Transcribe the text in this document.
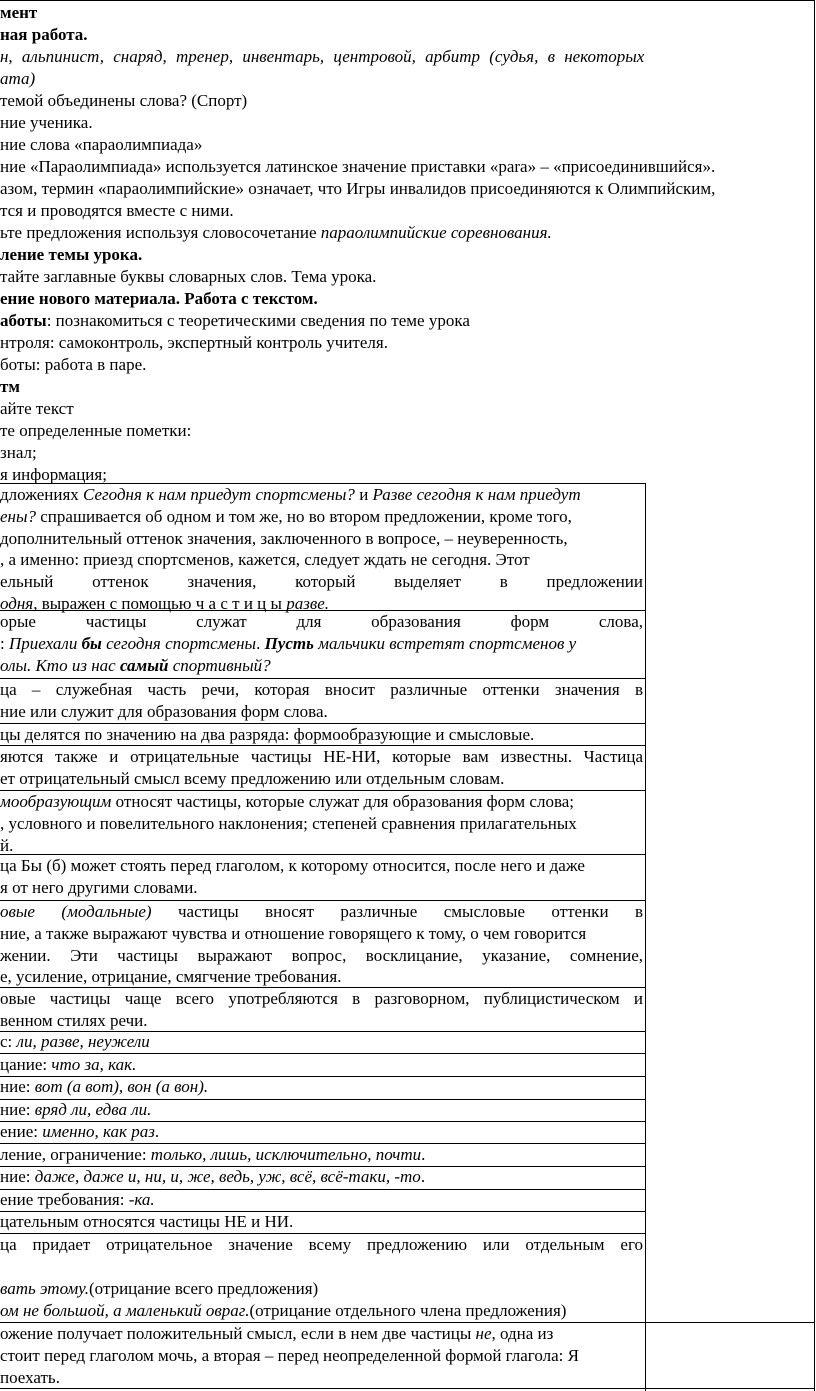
мент
ная работа.
н, альпинист, снаряд, тренер, инвентарь, центровой, арбитр (судья, в некоторых
ата)
темой объединены слова? (Спорт)
ние ученика.
ние слова «параолимпиада»
ние «Параолимпиада» используется латинское значение приставки «para» – «присоединившийся».
азом, термин «параолимпийские» означает, что Игры инвалидов присоединяются к Олимпийским,
тся и проводятся вместе с ними.
ьте предложения используя словосочетание параолимпийские соревнования.
ление темы урока.
тайте заглавные буквы словарных слов. Тема урока.
ение нового материала. Работа с текстом.
аботы: познакомиться с теоретическими сведения по теме урока
нтроля: самоконтроль, экспертный контроль учителя.
боты: работа в паре.
тм
айте текст
те определенные пометки:
знал;
я информация;
дложениях Сегодня к нам приедут спортсмены? и Разве сегодня к нам приедут
ены? спрашивается об одном и том же, но во втором предложении, кроме того,
дополнительный оттенок значения, заключенного в вопросе, – неуверенность,
, а именно: приезд спортсменов, кажется, следует ждать не сегодня. Этот
ельный оттенок значения, который выделяет в предложении
одня, выражен с помощью ч а с т и ц ы разве.
орые частицы служат для образования форм слова,
: Приехали бы сегодня спортсмены. Пусть мальчики встретят спортсменов у
олы. Кто из нас самый спортивный?
ца – служебная часть речи, которая вносит различные оттенки значения в
ние или служит для образования форм слова.
цы делятся по значению на два разряда: формообразующие и смысловые.
яются также и отрицательные частицы НЕ-НИ, которые вам известны. Частица
ет отрицательный смысл всему предложению или отдельным словам.
мообразующим относят частицы, которые служат для образования форм слова;
, условного и повелительного наклонения; степеней сравнения прилагательных
й.
ца Бы (б) может стоять перед глаголом, к которому относится, после него и даже
я от него другими словами.
овые (модальные) частицы вносят различные смысловые оттенки в
ние, а также выражают чувства и отношение говорящего к тому, о чем говорится
жении. Эти частицы выражают вопрос, восклицание, указание, сомнение,
е, усиление, отрицание, смягчение требования.
овые частицы чаще всего употребляются в разговорном, публицистическом и
венном стилях речи.
с: ли, разве, неужели
цание: что за, как.
ние: вот (а вот), вон (а вон).
ние: вряд ли, едва ли.
ение: именно, как раз.
ление, ограничение: только, лишь, исключительно, почти.
ние: даже, даже и, ни, и, же, ведь, уж, всё, всё-таки, -то.
ение требования: -ка.
цательным относятся частицы НЕ и НИ.
ца придает отрицательное значение всему предложению или отдельным его

вать этому.(отрицание всего предложения)
ом не большой, а маленький овраг.(отрицание отдельного члена предложения)
ожение получает положительный смысл, если в нем две частицы не, одна из
стоит перед глаголом мочь, а вторая – перед неопределенной формой глагола: Я
поехать.
